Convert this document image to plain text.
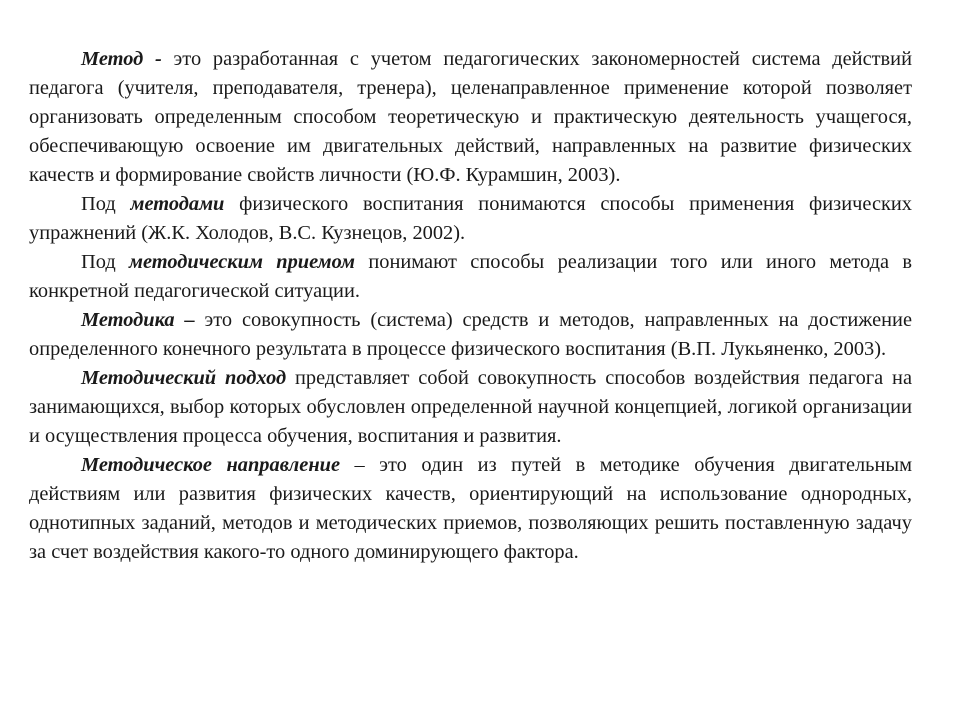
Метод - это разработанная с учетом педагогических закономерностей система действий педагога (учителя, преподавателя, тренера), целенаправленное применение которой позволяет организовать определенным способом теоретическую и практическую деятельность учащегося, обеспечивающую освоение им двигательных действий, направленных на развитие физических качеств и формирование свойств личности (Ю.Ф. Курамшин, 2003).

Под методами физического воспитания понимаются способы применения физических упражнений (Ж.К. Холодов, В.С. Кузнецов, 2002).

Под методическим приемом понимают способы реализации того или иного метода в конкретной педагогической ситуации.

Методика – это совокупность (система) средств и методов, направленных на достижение определенного конечного результата в процессе физического воспитания (В.П. Лукьяненко, 2003).

Методический подход представляет собой совокупность способов воздействия педагога на занимающихся, выбор которых обусловлен определенной научной концепцией, логикой организации и осуществления процесса обучения, воспитания и развития.

Методическое направление – это один из путей в методике обучения двигательным действиям или развития физических качеств, ориентирующий на использование однородных, однотипных заданий, методов и методических приемов, позволяющих решить поставленную задачу за счет воздействия какого-то одного доминирующего фактора.
